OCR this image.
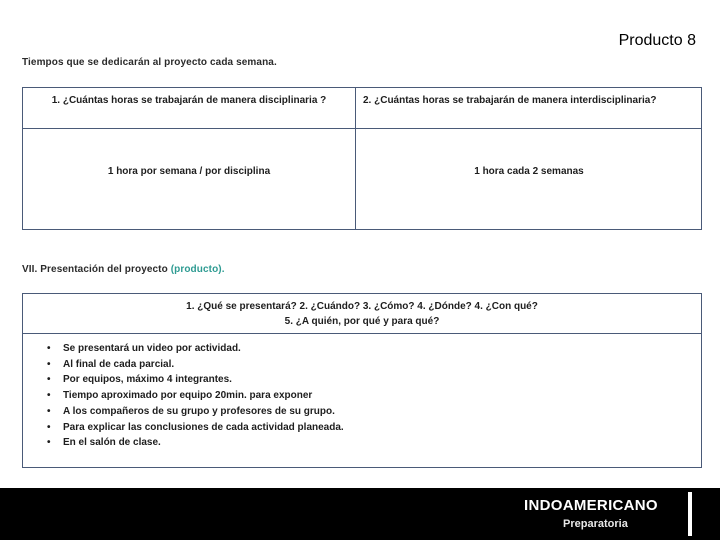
Producto 8
Tiempos que se dedicarán al proyecto cada semana.
1. ¿Cuántas horas se trabajarán de manera disciplinaria ?	2. ¿Cuántas horas se trabajarán de manera interdisciplinaria?
1 hora por semana / por disciplina	1 hora cada 2 semanas
VII. Presentación del proyecto (producto).
1. ¿Qué se presentará? 2. ¿Cuándo? 3. ¿Cómo? 4. ¿Dónde? 4. ¿Con qué?
5. ¿A quién, por qué y para qué?
• Se presentará un video por actividad.
• Al final de cada parcial.
• Por equipos, máximo 4 integrantes.
• Tiempo aproximado por equipo 20min. para exponer
• A los compañeros de su grupo y profesores de su grupo.
• Para explicar las conclusiones de cada actividad planeada.
• En el salón de clase.
INDOAMERICANO
Preparatoria
